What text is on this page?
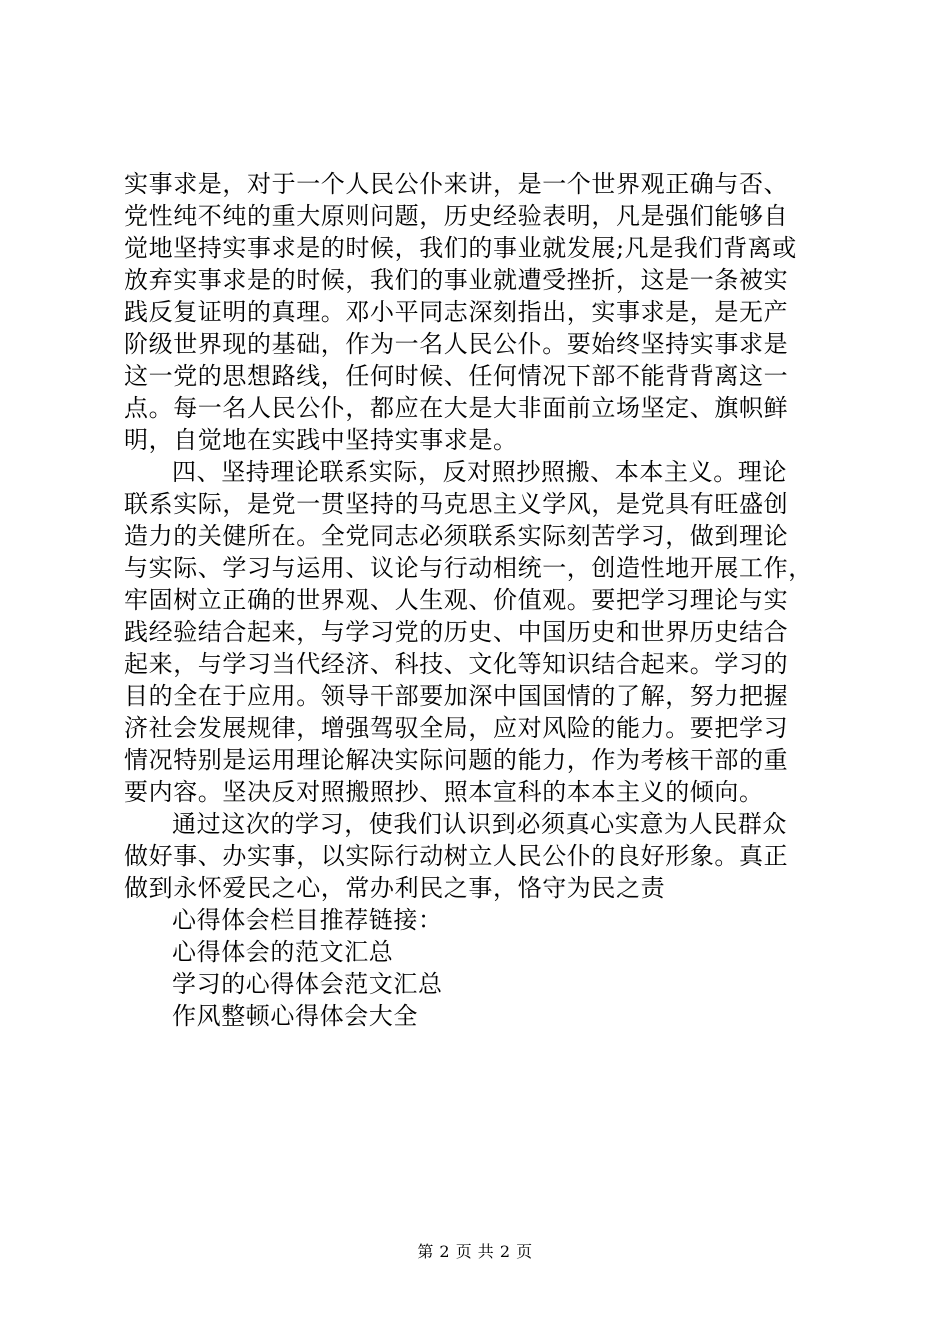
实事求是，对于一个人民公仆来讲，是一个世界观正确与否、
党性纯不纯的重大原则问题，历史经验表明，凡是强们能够自
觉地坚持实事求是的时候，我们的事业就发展;凡是我们背离或
放弃实事求是的时候，我们的事业就遭受挫折，这是一条被实
践反复证明的真理。邓小平同志深刻指出，实事求是，是无产
阶级世界现的基础，作为一名人民公仆。要始终坚持实事求是
这一党的思想路线，任何时候、任何情况下部不能背背离这一
点。每一名人民公仆，都应在大是大非面前立场坚定、旗帜鲜
明，自觉地在实践中坚持实事求是。
四、坚持理论联系实际，反对照抄照搬、本本主义。理论
联系实际，是党一贯坚持的马克思主义学风，是党具有旺盛创
造力的关健所在。全党同志必须联系实际刻苦学习，做到理论
与实际、学习与运用、议论与行动相统一，创造性地开展工作，
牢固树立正确的世界观、人生观、价值观。要把学习理论与实
践经验结合起来，与学习党的历史、中国历史和世界历史结合
起来，与学习当代经济、科技、文化等知识结合起来。学习的
目的全在于应用。领导干部要加深中国国情的了解，努力把握
济社会发展规律，增强驾驭全局，应对风险的能力。要把学习
情况特别是运用理论解决实际问题的能力，作为考核干部的重
要内容。坚决反对照搬照抄、照本宣科的本本主义的倾向。
通过这次的学习，使我们认识到必须真心实意为人民群众
做好事、办实事，以实际行动树立人民公仆的良好形象。真正
做到永怀爱民之心，常办利民之事，恪守为民之责
心得体会栏目推荐链接：
心得体会的范文汇总
学习的心得体会范文汇总
作风整顿心得体会大全
第 2 页 共 2 页
